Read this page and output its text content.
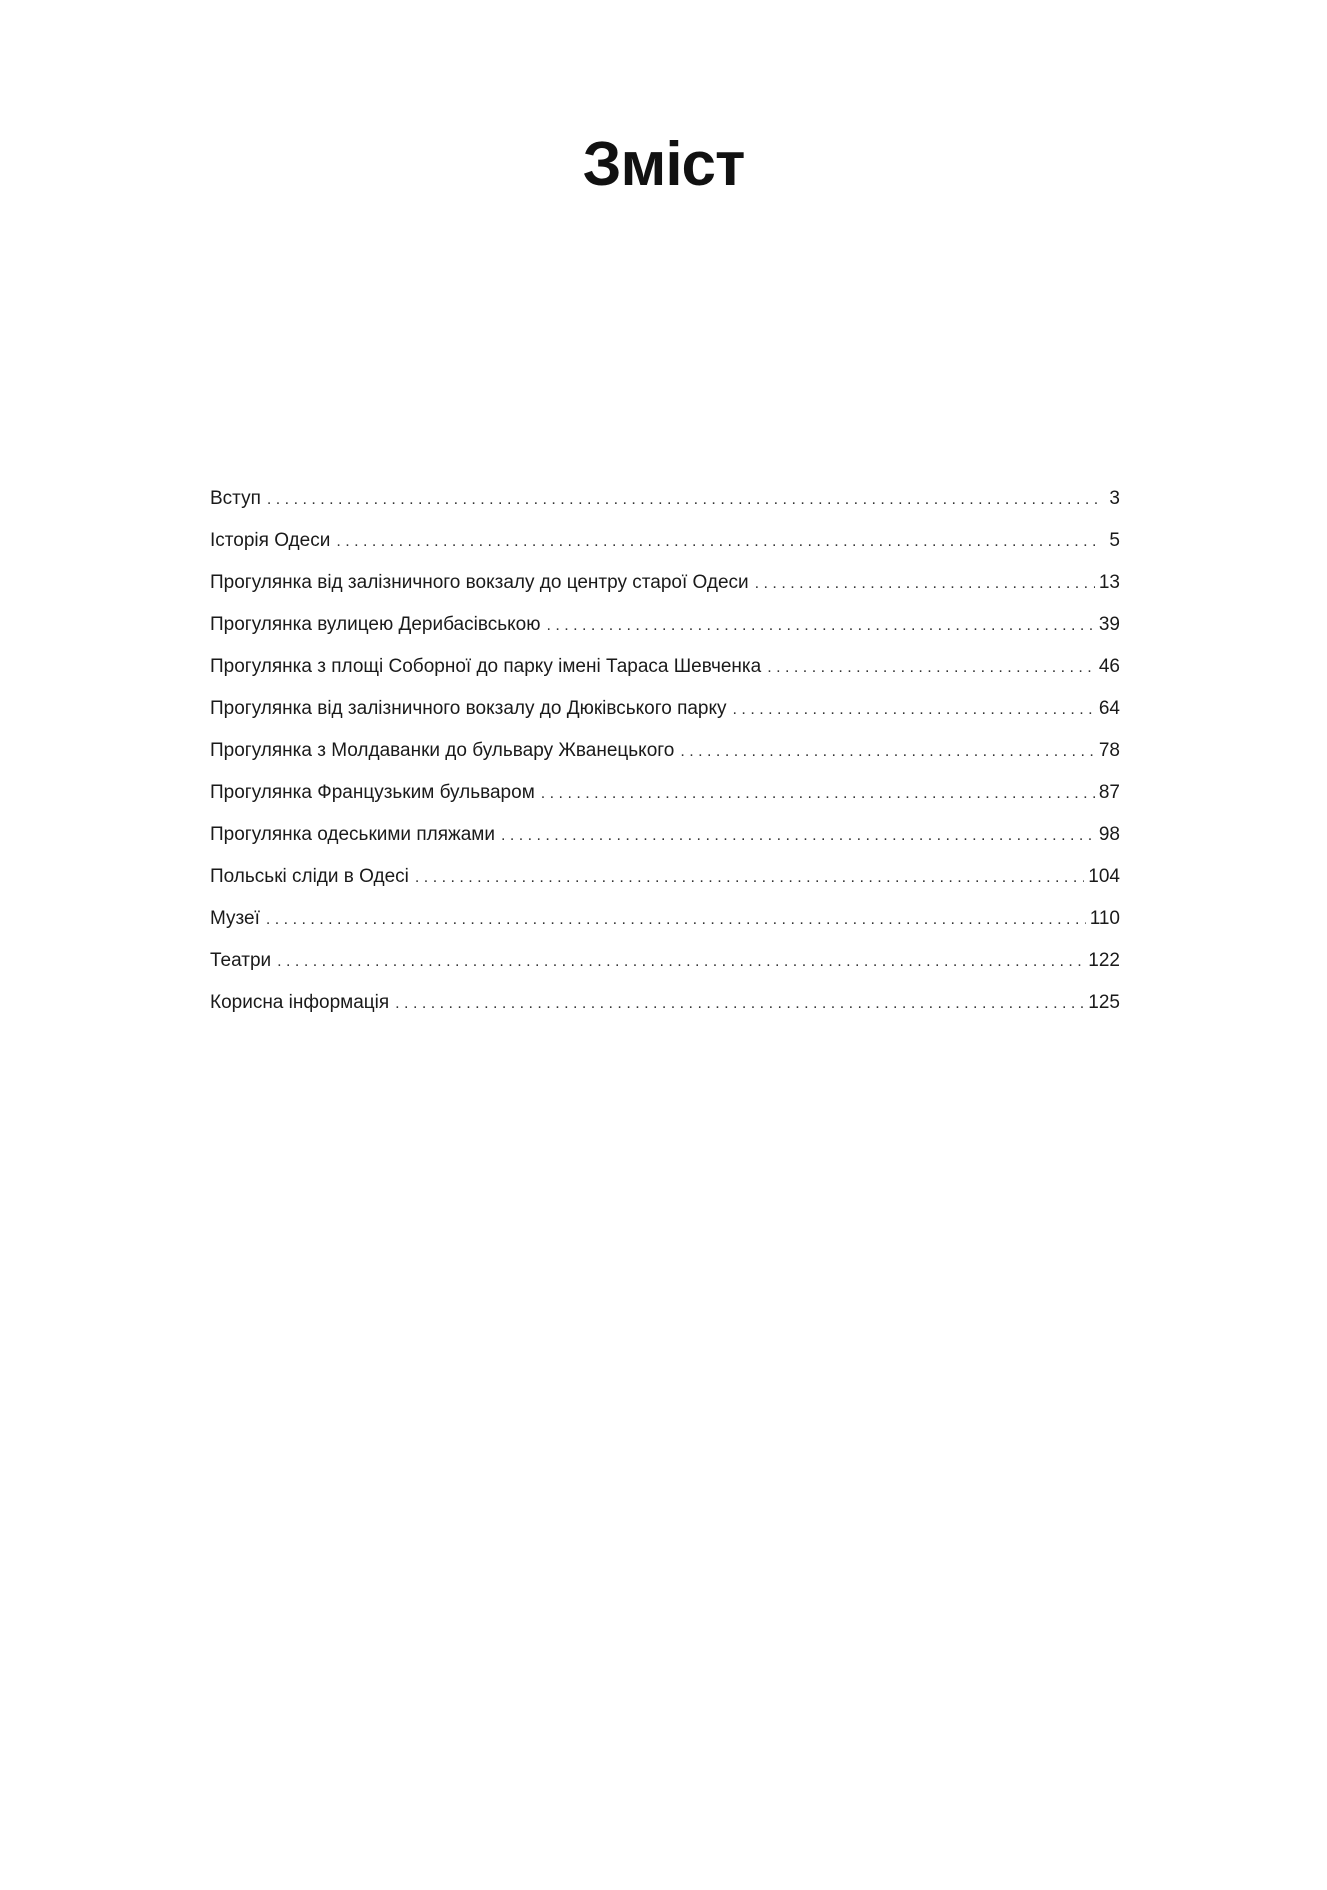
Зміст
Вступ . . .	3
Історія Одеси . . .	5
Прогулянка від залізничного вокзалу до центру старої Одеси . . .	13
Прогулянка вулицею Дерибасівською . . .	39
Прогулянка з площі Соборної до парку імені Тараса Шевченка . . .	46
Прогулянка від залізничного вокзалу до Дюківського парку . . .	64
Прогулянка з Молдаванки до бульвару Жванецького . . .	78
Прогулянка Французьким бульваром . . .	87
Прогулянка одеськими пляжами . . .	98
Польські сліди в Одесі . . .	104
Музеї . . .	110
Театри . . .	122
Корисна інформація . . .	125
